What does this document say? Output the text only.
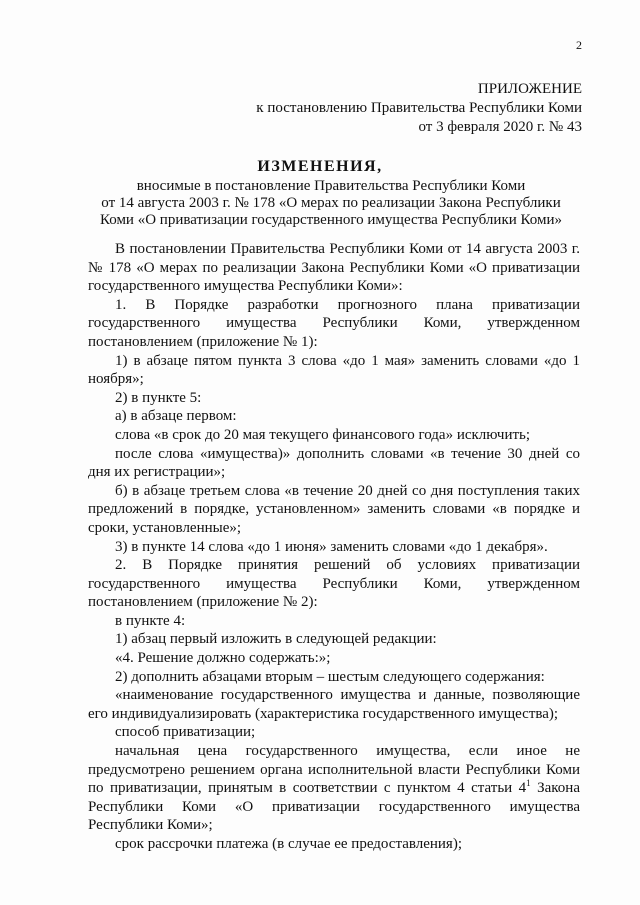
2
ПРИЛОЖЕНИЕ
к постановлению Правительства Республики Коми
от 3 февраля 2020 г. № 43
ИЗМЕНЕНИЯ,
вносимые в постановление Правительства Республики Коми
от 14 августа 2003 г. № 178 «О мерах по реализации Закона Республики
Коми «О приватизации государственного имущества Республики Коми»

В постановлении Правительства Республики Коми от 14 августа 2003 г. № 178 «О мерах по реализации Закона Республики Коми «О приватизации государственного имущества Республики Коми»:

1. В Порядке разработки прогнозного плана приватизации государственного имущества Республики Коми, утвержденном постановлением (приложение № 1):

1) в абзаце пятом пункта 3 слова «до 1 мая» заменить словами «до 1 ноября»;

2) в пункте 5:

а) в абзаце первом:

слова «в срок до 20 мая текущего финансового года» исключить;

после слова «имущества)» дополнить словами «в течение 30 дней со дня их регистрации»;

б) в абзаце третьем слова «в течение 20 дней со дня поступления таких предложений в порядке, установленном» заменить словами «в порядке и сроки, установленные»;

3) в пункте 14 слова «до 1 июня» заменить словами «до 1 декабря».

2. В Порядке принятия решений об условиях приватизации государственного имущества Республики Коми, утвержденном постановлением (приложение № 2):

в пункте 4:

1) абзац первый изложить в следующей редакции:

«4. Решение должно содержать:»;

2) дополнить абзацами вторым – шестым следующего содержания:

«наименование государственного имущества и данные, позволяющие его индивидуализировать (характеристика государственного имущества);

способ приватизации;

начальная цена государственного имущества, если иное не предусмотрено решением органа исполнительной власти Республики Коми по приватизации, принятым в соответствии с пунктом 4 статьи $4^1$ Закона Республики Коми «О приватизации государственного имущества Республики Коми»;

срок рассрочки платежа (в случае ее предоставления);
